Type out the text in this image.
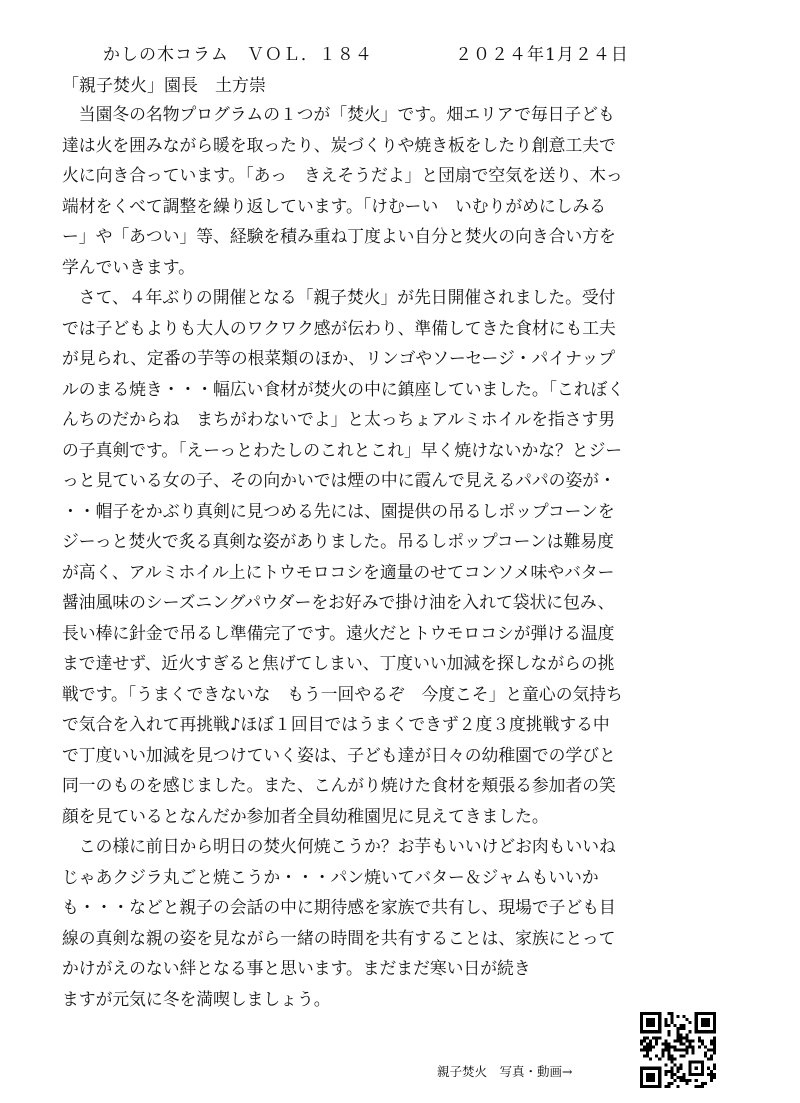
かしの木コラム　ＶＯＬ．１８４	２０２４年1月２４日
「親子焚火」園長　土方崇

　当園冬の名物プログラムの１つが「焚火」です。畑エリアで毎日子ども

達は火を囲みながら暖を取ったり、炭づくりや焼き板をしたり創意工夫で

火に向き合っています。「あっ　きえそうだよ」と団扇で空気を送り、木っ

端材をくべて調整を繰り返しています。「けむーい　いむりがめにしみる

ー」や「あつい」等、経験を積み重ね丁度よい自分と焚火の向き合い方を

学んでいきます。

　さて、４年ぶりの開催となる「親子焚火」が先日開催されました。受付

では子どもよりも大人のワクワク感が伝わり、準備してきた食材にも工夫

が見られ、定番の芋等の根菜類のほか、リンゴやソーセージ・パイナップ

ルのまる焼き・・・幅広い食材が焚火の中に鎮座していました。「これぼく

んちのだからね　まちがわないでよ」と太っちょアルミホイルを指さす男

の子真剣です。「えーっとわたしのこれとこれ」早く焼けないかな？とジー

っと見ている女の子、その向かいでは煙の中に霞んで見えるパパの姿が・

・・帽子をかぶり真剣に見つめる先には、園提供の吊るしポップコーンを

ジーっと焚火で炙る真剣な姿がありました。吊るしポップコーンは難易度

が高く、アルミホイル上にトウモロコシを適量のせてコンソメ味やバター

醤油風味のシーズニングパウダーをお好みで掛け油を入れて袋状に包み、

長い棒に針金で吊るし準備完了です。遠火だとトウモロコシが弾ける温度

まで達せず、近火すぎると焦げてしまい、丁度いい加減を探しながらの挑

戦です。「うまくできないな　もう一回やるぞ　今度こそ」と童心の気持ち

で気合を入れて再挑戦♪ほぼ１回目ではうまくできず２度３度挑戦する中

で丁度いい加減を見つけていく姿は、子ども達が日々の幼稚園での学びと

同一のものを感じました。また、こんがり焼けた食材を頬張る参加者の笑

顔を見ているとなんだか参加者全員幼稚園児に見えてきました。

　この様に前日から明日の焚火何焼こうか？お芋もいいけどお肉もいいね

じゃあクジラ丸ごと焼こうか・・・パン焼いてバター＆ジャムもいいか

も・・・などと親子の会話の中に期待感を家族で共有し、現場で子ども目

線の真剣な親の姿を見ながら一緒の時間を共有することは、家族にとって

かけがえのない絆となる事と思います。まだまだ寒い日が続き

ますが元気に冬を満喫しましょう。

親子焚火　写真・動画→
